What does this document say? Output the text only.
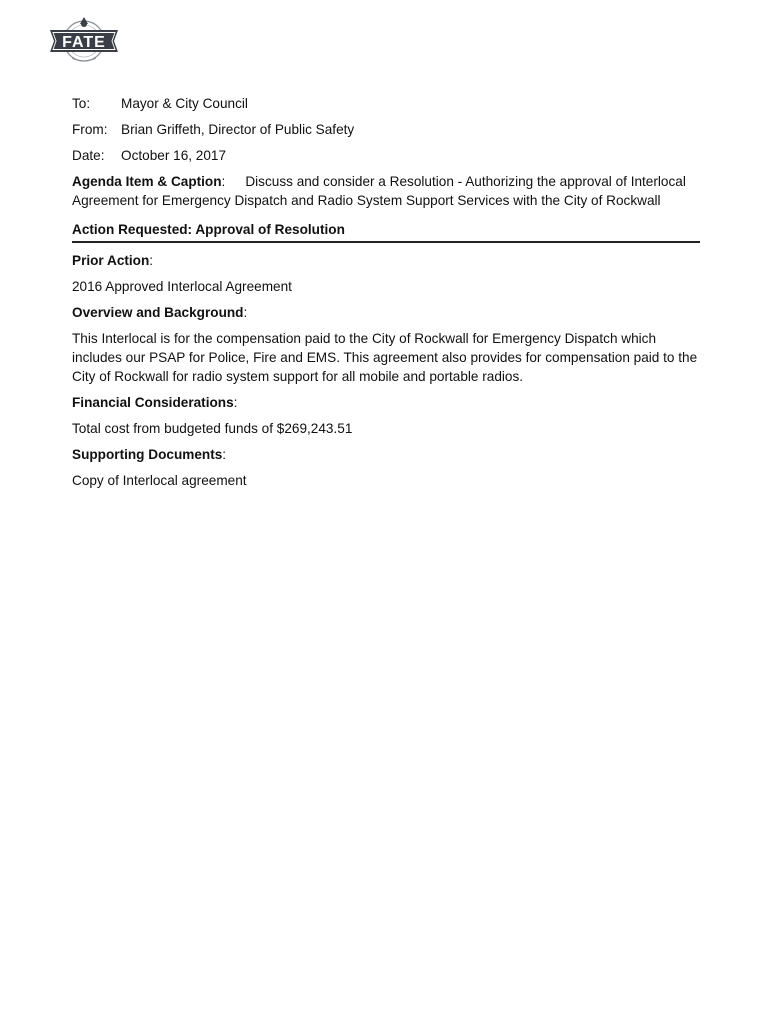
FATE
To:	Mayor & City Council
From: Brian Griffeth, Director of Public Safety
Date:	October 16, 2017
Agenda Item & Caption: Discuss and consider a Resolution - Authorizing the approval of Interlocal Agreement for Emergency Dispatch and Radio System Support Services with the City of Rockwall
Action Requested: Approval of Resolution
Prior Action:
2016 Approved Interlocal Agreement
Overview and Background:
This Interlocal is for the compensation paid to the City of Rockwall for Emergency Dispatch which includes our PSAP for Police, Fire and EMS. This agreement also provides for compensation paid to the City of Rockwall for radio system support for all mobile and portable radios.
Financial Considerations:
Total cost from budgeted funds of $269,243.51
Supporting Documents:
Copy of Interlocal agreement
